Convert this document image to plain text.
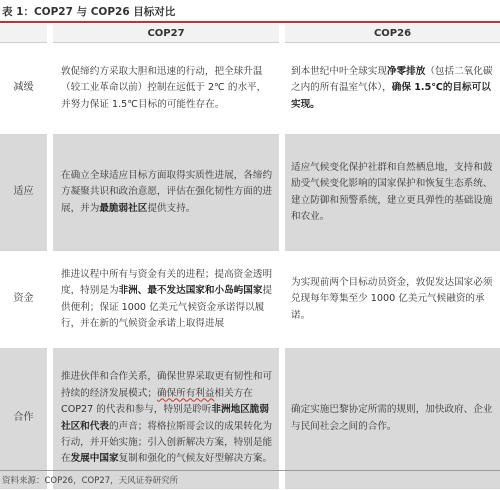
表 1：COP27 与 COP26 目标对比
	COP27	COP26
减缓	敦促缔约方采取大胆和迅速的行动，把全球升温（较工业革命以前）控制在远低于 2℃ 的水平，并努力保证 1.5℃目标的可能性存在。	到本世纪中叶全球实现净零排放（包括二氧化碳之内的所有温室气体），确保 1.5℃的目标可以实现。
适应	在确立全球适应目标方面取得实质性进展，各缔约方凝聚共识和政治意愿，评估在强化韧性方面的进展，并为最脆弱社区提供支持。	适应气候变化保护社群和自然栖息地，支持和鼓励受气候变化影响的国家保护和恢复生态系统、建立防御和预警系统，建立更具弹性的基础设施和农业。
资金	推进议程中所有与资金有关的进程；提高资金透明度，特别是为非洲、最不发达国家和小岛屿国家提供便利；保证 1000 亿美元气候资金承诺得以履行，并在新的气候资金承诺上取得进展	为实现前两个目标动员资金，敦促发达国家必须兑现每年筹集至少 1000 亿美元气候融资的承诺。
合作	推进伙伴和合作关系，确保世界采取更有韧性和可持续的经济发展模式；确保所有利益相关方在 COP27 的代表和参与，特别是聆听非洲地区脆弱社区和代表的声音；将格拉斯哥会议的成果转化为行动，并开始实施；引入创新解决方案，特别是能在发展中国家复制和强化的气候友好型解决方案。	确定实施巴黎协定所需的规则，加快政府、企业与民间社会之间的合作。
资料来源：COP26，COP27，天风证券研究所
